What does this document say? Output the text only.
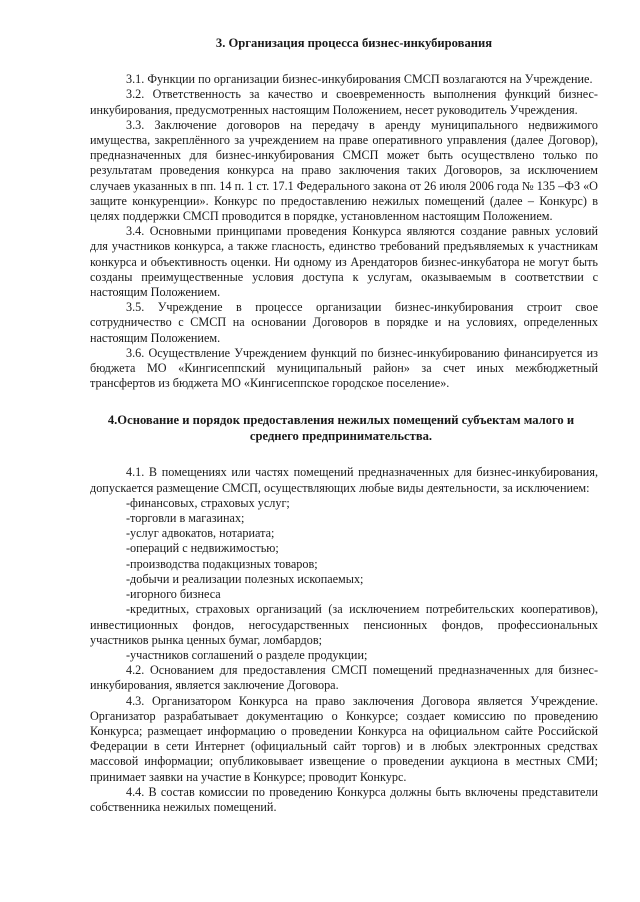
3. Организация процесса бизнес-инкубирования

3.1. Функции по организации бизнес-инкубирования СМСП возлагаются на Учреждение.

3.2. Ответственность за качество и своевременность выполнения функций бизнес-инкубирования, предусмотренных настоящим Положением, несет руководитель Учреждения.

3.3. Заключение договоров на передачу в аренду муниципального недвижимого имущества, закреплённого за учреждением на праве оперативного управления (далее Договор), предназначенных для бизнес-инкубирования СМСП может быть осуществлено только по результатам проведения конкурса на право заключения таких Договоров, за исключением случаев указанных в пп. 14 п. 1 ст. 17.1 Федерального закона от 26 июля 2006 года № 135 –ФЗ «О защите конкуренции». Конкурс по предоставлению нежилых помещений (далее – Конкурс) в целях поддержки СМСП проводится в порядке, установленном настоящим Положением.

3.4. Основными принципами проведения Конкурса являются создание равных условий для участников конкурса, а также гласность, единство требований предъявляемых к участникам конкурса и объективность оценки. Ни одному из Арендаторов бизнес-инкубатора не могут быть созданы преимущественные условия доступа к услугам, оказываемым в соответствии с настоящим Положением.

3.5. Учреждение в процессе организации бизнес-инкубирования строит свое сотрудничество с СМСП на основании Договоров в порядке и на условиях, определенных настоящим Положением.

3.6. Осуществление Учреждением функций по бизнес-инкубированию финансируется из бюджета МО «Кингисеппский муниципальный район» за счет иных межбюджетный трансфертов из бюджета МО «Кингисеппское городское поселение».

4.Основание и порядок предоставления нежилых помещений субъектам малого и
среднего предпринимательства.

4.1. В помещениях или частях помещений предназначенных для бизнес-инкубирования, допускается размещение СМСП, осуществляющих любые виды деятельности, за исключением:

-финансовых, страховых услуг;
-торговли в магазинах;
-услуг адвокатов, нотариата;
-операций с недвижимостью;
-производства подакцизных товаров;
-добычи и реализации полезных ископаемых;
-игорного бизнеса
-кредитных, страховых организаций (за исключением потребительских кооперативов), инвестиционных фондов, негосударственных пенсионных фондов, профессиональных участников рынка ценных бумаг, ломбардов;
-участников соглашений о разделе продукции;

4.2. Основанием для предоставления СМСП помещений предназначенных для бизнес-инкубирования, является заключение Договора.

4.3. Организатором Конкурса на право заключения Договора является Учреждение. Организатор разрабатывает документацию о Конкурсе; создает комиссию по проведению Конкурса; размещает информацию о проведении Конкурса на официальном сайте Российской Федерации в сети Интернет (официальный сайт торгов) и в любых электронных средствах массовой информации; опубликовывает извещение о проведении аукциона в местных СМИ; принимает заявки на участие в Конкурсе; проводит Конкурс.

4.4. В состав комиссии по проведению Конкурса должны быть включены представители собственника нежилых помещений.
